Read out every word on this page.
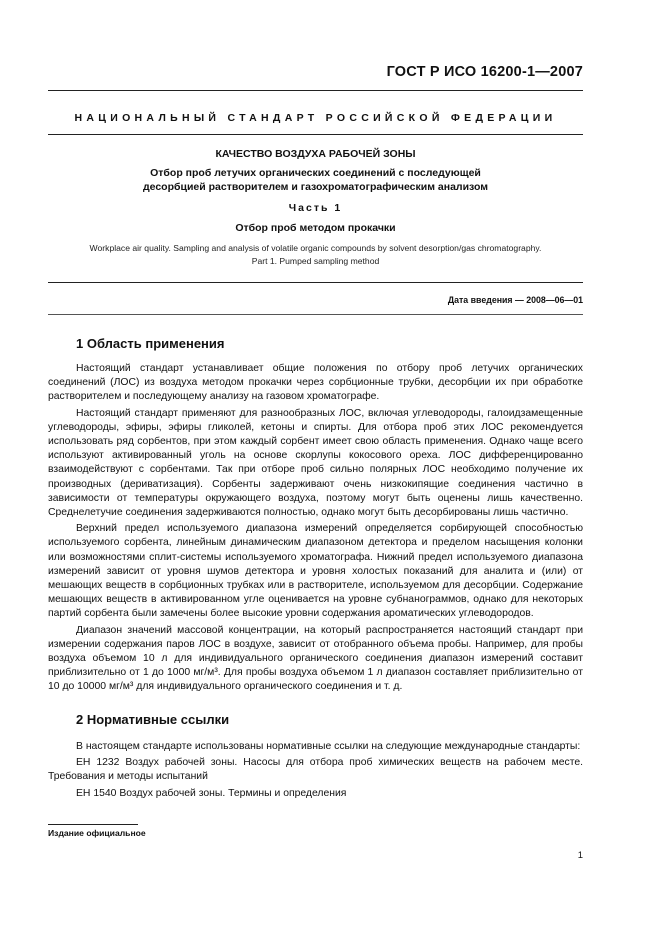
ГОСТ Р ИСО 16200-1—2007
НАЦИОНАЛЬНЫЙ СТАНДАРТ РОССИЙСКОЙ ФЕДЕРАЦИИ
КАЧЕСТВО ВОЗДУХА РАБОЧЕЙ ЗОНЫ
Отбор проб летучих органических соединений с последующей
десорбцией растворителем и газохроматографическим анализом
Часть 1
Отбор проб методом прокачки
Workplace air quality. Sampling and analysis of volatile organic compounds by solvent desorption/gas chromatography.
Part 1. Pumped sampling method
Дата введения — 2008—06—01
1 Область применения

Настоящий стандарт устанавливает общие положения по отбору проб летучих органических соединений (ЛОС) из воздуха методом прокачки через сорбционные трубки, десорбции их при обработке растворителем и последующему анализу на газовом хроматографе.

Настоящий стандарт применяют для разнообразных ЛОС, включая углеводороды, галоидзамещенные углеводороды, эфиры, эфиры гликолей, кетоны и спирты. Для отбора проб этих ЛОС рекомендуется использовать ряд сорбентов, при этом каждый сорбент имеет свою область применения. Однако чаще всего используют активированный уголь на основе скорлупы кокосового ореха. ЛОС дифференцированно взаимодействуют с сорбентами. Так при отборе проб сильно полярных ЛОС необходимо получение их производных (дериватизация). Сорбенты задерживают очень низкокипящие соединения частично в зависимости от температуры окружающего воздуха, поэтому могут быть оценены лишь качественно. Среднелетучие соединения задерживаются полностью, однако могут быть десорбированы лишь частично.

Верхний предел используемого диапазона измерений определяется сорбирующей способностью используемого сорбента, линейным динамическим диапазоном детектора и пределом насыщения колонки или возможностями сплит-системы используемого хроматографа. Нижний предел используемого диапазона измерений зависит от уровня шумов детектора и уровня холостых показаний для аналита и (или) от мешающих веществ в сорбционных трубках или в растворителе, используемом для десорбции. Содержание мешающих веществ в активированном угле оценивается на уровне субнанограммов, однако для некоторых партий сорбента были замечены более высокие уровни содержания ароматических углеводородов.

Диапазон значений массовой концентрации, на который распространяется настоящий стандарт при измерении содержания паров ЛОС в воздухе, зависит от отобранного объема пробы. Например, для пробы воздуха объемом 10 л для индивидуального органического соединения диапазон измерений составит приблизительно от 1 до 1000 мг/м³. Для пробы воздуха объемом 1 л диапазон составляет приблизительно от 10 до 10000 мг/м³ для индивидуального органического соединения и т. д.

2 Нормативные ссылки

В настоящем стандарте использованы нормативные ссылки на следующие международные стандарты:

ЕН 1232 Воздух рабочей зоны. Насосы для отбора проб химических веществ на рабочем месте. Требования и методы испытаний

ЕН 1540 Воздух рабочей зоны. Термины и определения

Издание официальное
1
